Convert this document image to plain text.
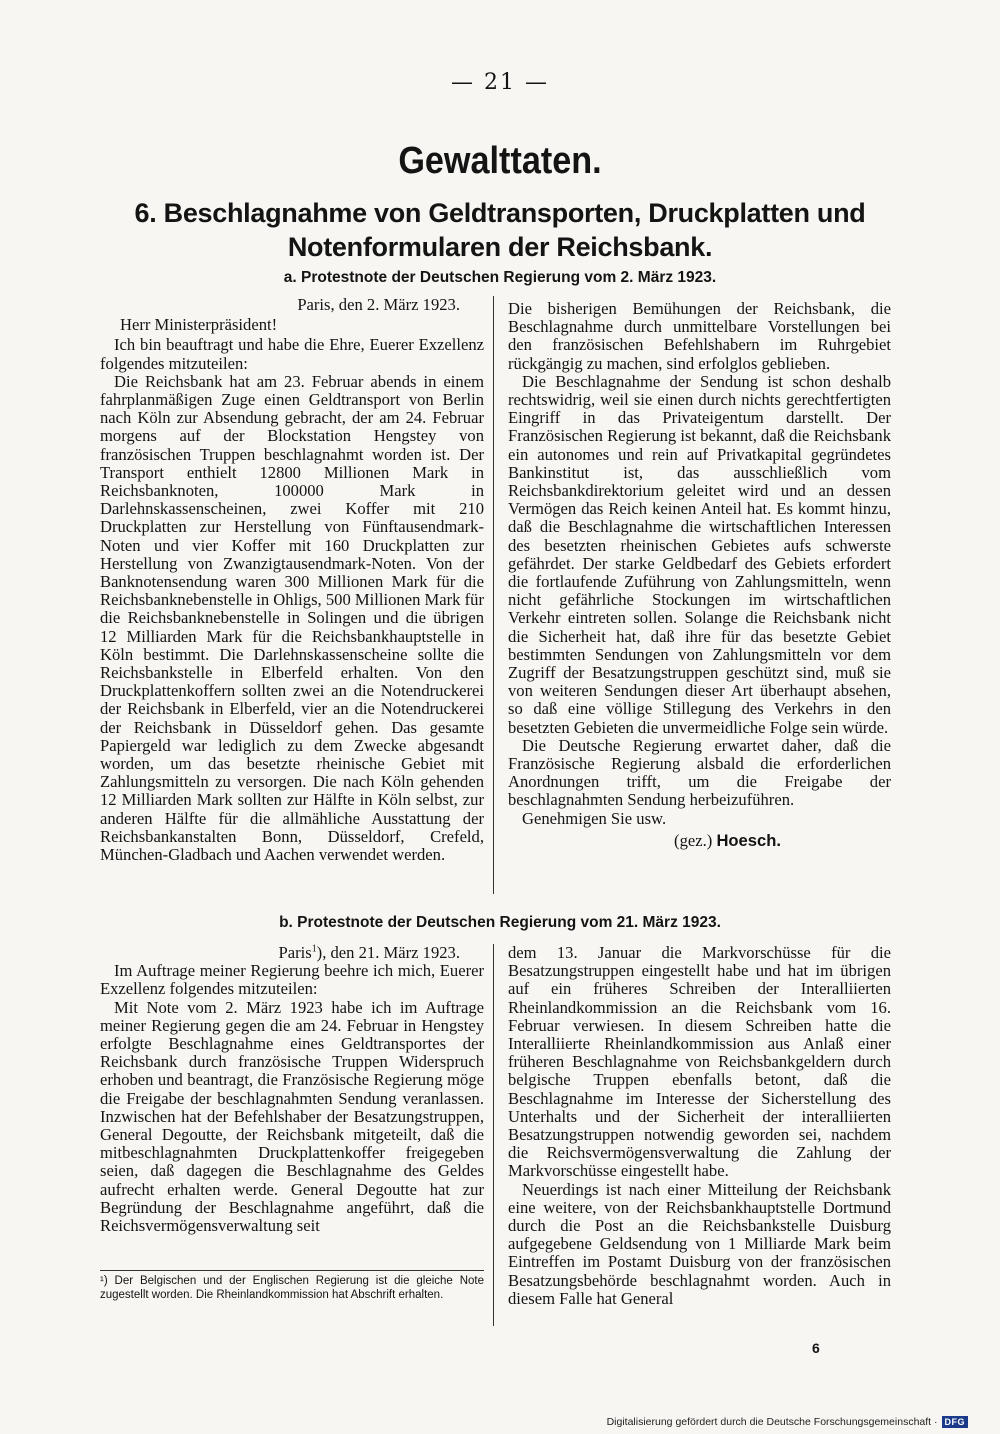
— 21 —
Gewalttaten.
6. Beschlagnahme von Geldtransporten, Druckplatten und Notenformularen der Reichsbank.
a. Protestnote der Deutschen Regierung vom 2. März 1923.

Paris, den 2. März 1923.

Herr Ministerpräsident!

Ich bin beauftragt und habe die Ehre, Euerer Exzellenz folgendes mitzuteilen:

Die Reichsbank hat am 23. Februar abends in einem fahrplanmäßigen Zuge einen Geldtransport von Berlin nach Köln zur Absendung gebracht, der am 24. Februar morgens auf der Blockstation Hengstey von französischen Truppen beschlagnahmt worden ist. Der Transport enthielt 12800 Millionen Mark in Reichsbanknoten, 100000 Mark in Darlehnskassenscheinen, zwei Koffer mit 210 Druckplatten zur Herstellung von Fünftausendmark-Noten und vier Koffer mit 160 Druckplatten zur Herstellung von Zwanzigtausendmark-Noten. Von der Banknotensendung waren 300 Millionen Mark für die Reichsbanknebenstelle in Ohligs, 500 Millionen Mark für die Reichsbanknebenstelle in Solingen und die übrigen 12 Milliarden Mark für die Reichsbankhauptstelle in Köln bestimmt. Die Darlehnskassenscheine sollte die Reichsbankstelle in Elberfeld erhalten. Von den Druckplattenkoffern sollten zwei an die Notendruckerei der Reichsbank in Elberfeld, vier an die Notendruckerei der Reichsbank in Düsseldorf gehen. Das gesamte Papiergeld war lediglich zu dem Zwecke abgesandt worden, um das besetzte rheinische Gebiet mit Zahlungsmitteln zu versorgen. Die nach Köln gehenden 12 Milliarden Mark sollten zur Hälfte in Köln selbst, zur anderen Hälfte für die allmähliche Ausstattung der Reichsbankanstalten Bonn, Düsseldorf, Crefeld, München-Gladbach und Aachen verwendet werden.

Die bisherigen Bemühungen der Reichsbank, die Beschlagnahme durch unmittelbare Vorstellungen bei den französischen Befehlshabern im Ruhrgebiet rückgängig zu machen, sind erfolglos geblieben.

Die Beschlagnahme der Sendung ist schon deshalb rechtswidrig, weil sie einen durch nichts gerechtfertigten Eingriff in das Privateigentum darstellt. Der Französischen Regierung ist bekannt, daß die Reichsbank ein autonomes und rein auf Privatkapital gegründetes Bankinstitut ist, das ausschließlich vom Reichsbankdirektorium geleitet wird und an dessen Vermögen das Reich keinen Anteil hat. Es kommt hinzu, daß die Beschlagnahme die wirtschaftlichen Interessen des besetzten rheinischen Gebietes aufs schwerste gefährdet. Der starke Geldbedarf des Gebiets erfordert die fortlaufende Zuführung von Zahlungsmitteln, wenn nicht gefährliche Stockungen im wirtschaftlichen Verkehr eintreten sollen. Solange die Reichsbank nicht die Sicherheit hat, daß ihre für das besetzte Gebiet bestimmten Sendungen von Zahlungsmitteln vor dem Zugriff der Besatzungstruppen geschützt sind, muß sie von weiteren Sendungen dieser Art überhaupt absehen, so daß eine völlige Stillegung des Verkehrs in den besetzten Gebieten die unvermeidliche Folge sein würde.

Die Deutsche Regierung erwartet daher, daß die Französische Regierung alsbald die erforderlichen Anordnungen trifft, um die Freigabe der beschlagnahmten Sendung herbeizuführen.

Genehmigen Sie usw.

(gez.) Hoesch.

b. Protestnote der Deutschen Regierung vom 21. März 1923.

Paris$^1$), den 21. März 1923.

Im Auftrage meiner Regierung beehre ich mich, Euerer Exzellenz folgendes mitzuteilen:

Mit Note vom 2. März 1923 habe ich im Auftrage meiner Regierung gegen die am 24. Februar in Hengstey erfolgte Beschlagnahme eines Geldtransportes der Reichsbank durch französische Truppen Widerspruch erhoben und beantragt, die Französische Regierung möge die Freigabe der beschlagnahmten Sendung veranlassen. Inzwischen hat der Befehlshaber der Besatzungstruppen, General Degoutte, der Reichsbank mitgeteilt, daß die mitbeschlagnahmten Druckplattenkoffer freigegeben seien, daß dagegen die Beschlagnahme des Geldes aufrecht erhalten werde. General Degoutte hat zur Begründung der Beschlagnahme angeführt, daß die Reichsvermögensverwaltung seit

dem 13. Januar die Markvorschüsse für die Besatzungstruppen eingestellt habe und hat im übrigen auf ein früheres Schreiben der Interalliierten Rheinlandkommission an die Reichsbank vom 16. Februar verwiesen. In diesem Schreiben hatte die Interalliierte Rheinlandkommission aus Anlaß einer früheren Beschlagnahme von Reichsbankgeldern durch belgische Truppen ebenfalls betont, daß die Beschlagnahme im Interesse der Sicherstellung des Unterhalts und der Sicherheit der interalliierten Besatzungstruppen notwendig geworden sei, nachdem die Reichsvermögensverwaltung die Zahlung der Markvorschüsse eingestellt habe.

Neuerdings ist nach einer Mitteilung der Reichsbank eine weitere, von der Reichsbankhauptstelle Dortmund durch die Post an die Reichsbankstelle Duisburg aufgegebene Geldsendung von 1 Milliarde Mark beim Eintreffen im Postamt Duisburg von der französischen Besatzungsbehörde beschlagnahmt worden. Auch in diesem Falle hat General

¹) Der Belgischen und der Englischen Regierung ist die gleiche Note zugestellt worden. Die Rheinlandkommission hat Abschrift erhalten.
6
Digitalisierung gefördert durch die Deutsche Forschungsgemeinschaft · DFG
